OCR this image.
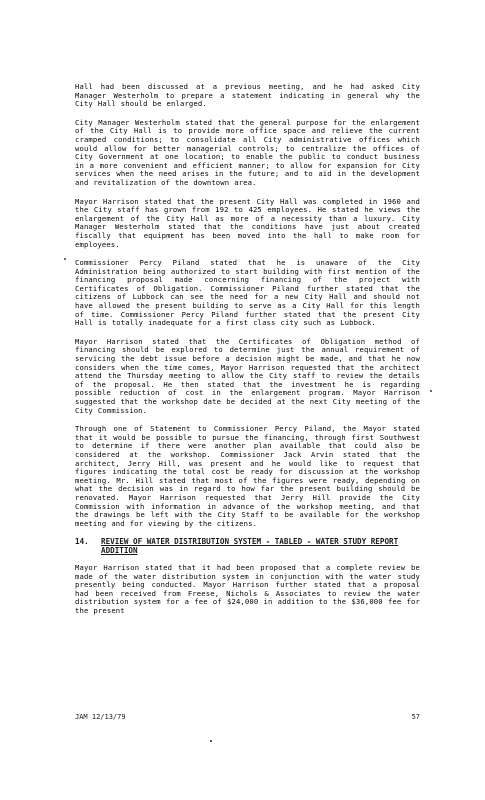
Hall had been discussed at a previous meeting, and he had asked City Manager Westerholm to prepare a statement indicating in general why the City Hall should be enlarged.

City Manager Westerholm stated that the general purpose for the enlargement of the City Hall is to provide more office space and relieve the current cramped conditions; to consolidate all City administrative offices which would allow for better managerial controls; to centralize the offices of City Government at one location; to enable the public to conduct business in a more convenient and efficient manner; to allow for expansion for City services when the need arises in the future; and to aid in the development and revitalization of the downtown area.

Mayor Harrison stated that the present City Hall was completed in 1960 and the City staff has grown from 192 to 425 employees. He stated he views the enlargement of the City Hall as more of a necessity than a luxury. City Manager Westerholm stated that the conditions have just about created fiscally that equipment has been moved into the hall to make room for employees.

Commissioner Percy Piland stated that he is unaware of the City Administration being authorized to start building with first mention of the financing proposal made concerning financing of the project with Certificates of Obligation. Commissioner Piland further stated that the citizens of Lubbock can see the need for a new City Hall and should not have allowed the present building to serve as a City Hall for this length of time. Commissioner Percy Piland further stated that the present City Hall is totally inadequate for a first class city such as Lubbock.

Mayor Harrison stated that the Certificates of Obligation method of financing should be explored to determine just the annual requirement of servicing the debt issue before a decision might be made, and that he now considers when the time comes, Mayor Harrison requested that the architect attend the Thursday meeting to allow the City staff to review the details of the proposal. He then stated that the investment he is regarding possible reduction of cost in the enlargement program. Mayor Harrison suggested that the workshop date be decided at the next City meeting of the City Commission.

Through one of Statement to Commissioner Percy Piland, the Mayor stated that it would be possible to pursue the financing, through first Southwest to determine if there were another plan available that could also be considered at the workshop. Commissioner Jack Arvin stated that the architect, Jerry Hill, was present and he would like to request that figures indicating the total cost be ready for discussion at the workshop meeting. Mr. Hill stated that most of the figures were ready, depending on what the decision was in regard to how far the present building should be renovated. Mayor Harrison requested that Jerry Hill provide the City Commission with information in advance of the workshop meeting, and that the drawings be left with the City Staff to be available for the workshop meeting and for viewing by the citizens.

14.	REVIEW OF WATER DISTRIBUTION SYSTEM - TABLED - WATER STUDY REPORT ADDITION

Mayor Harrison stated that it had been proposed that a complete review be made of the water distribution system in conjunction with the water study presently being conducted. Mayor Harrison further stated that a proposal had been received from Freese, Nichols & Associates to review the water distribution system for a fee of $24,000 in addition to the $36,000 fee for the present

JAM 12/13/79	57
